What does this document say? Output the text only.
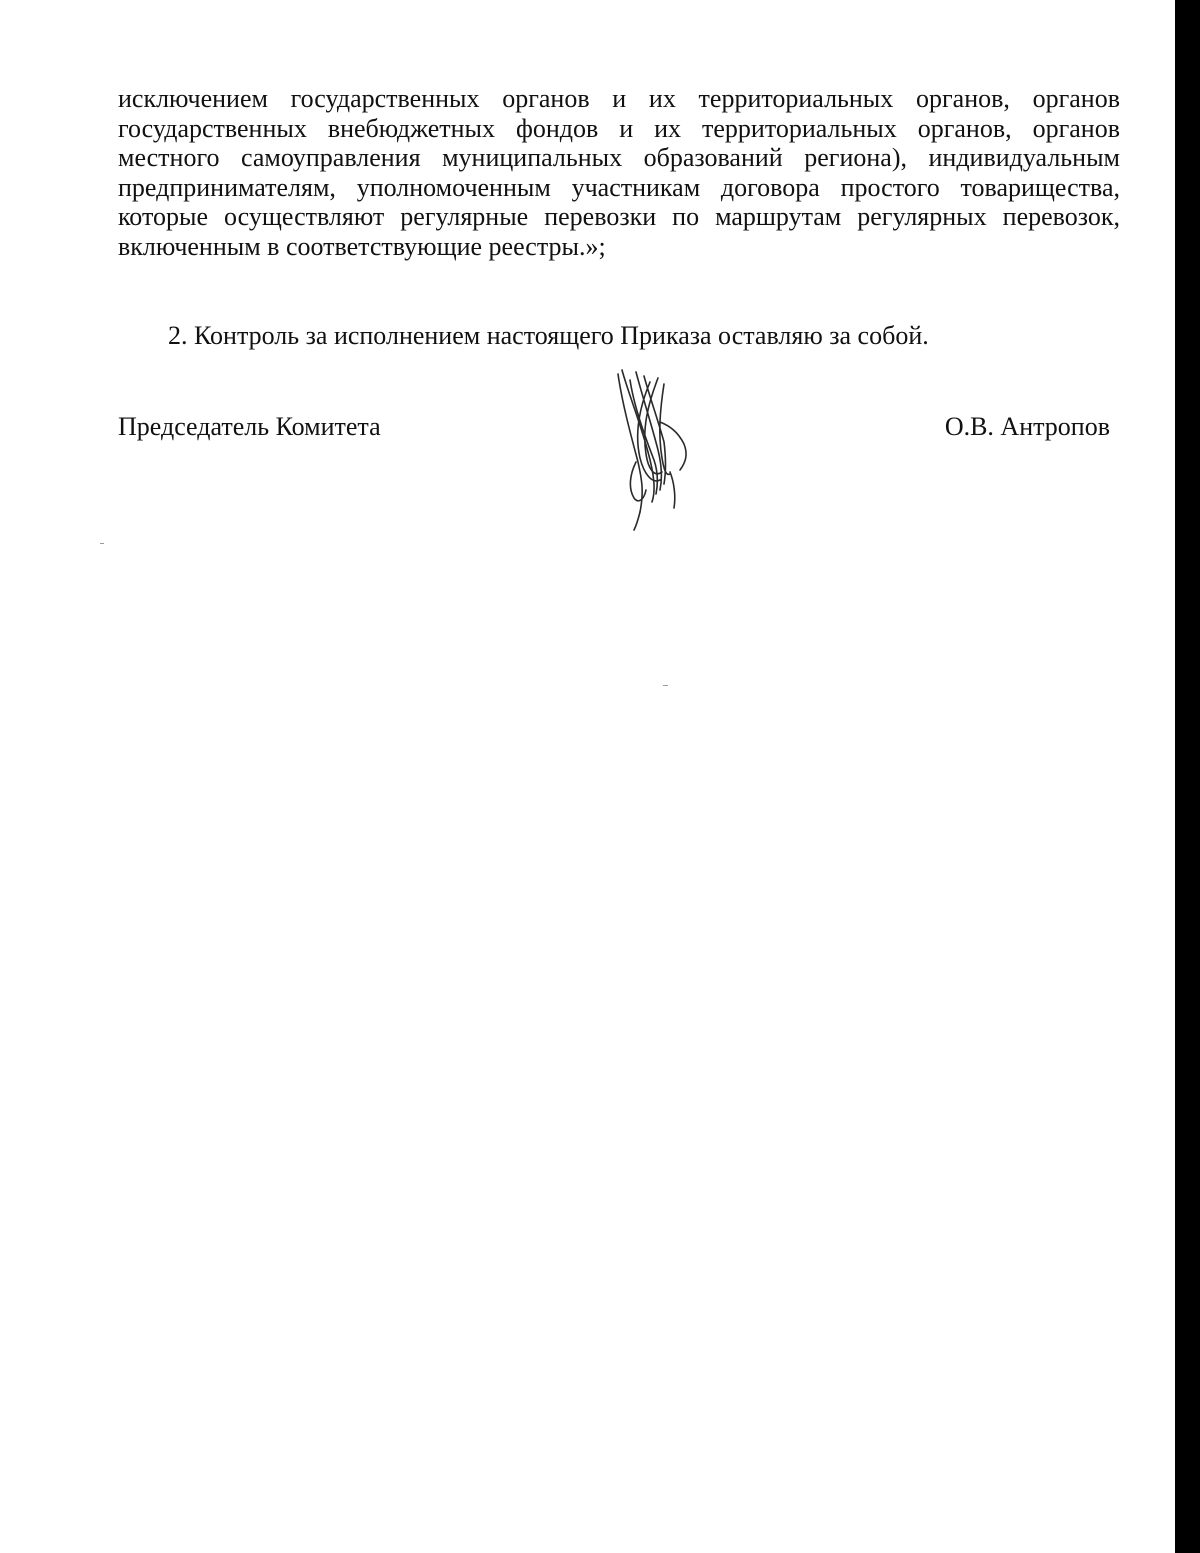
исключением государственных органов и их территориальных органов, органов
государственных внебюджетных фондов и их территориальных органов, органов
местного самоуправления муниципальных образований региона), индивидуальным
предпринимателям, уполномоченным участникам договора простого товарищества,
которые осуществляют регулярные перевозки по маршрутам регулярных перевозок,
включенным в соответствующие реестры.»;

2. Контроль за исполнением настоящего Приказа оставляю за собой.

Председатель Комитета	О.В. Антропов
